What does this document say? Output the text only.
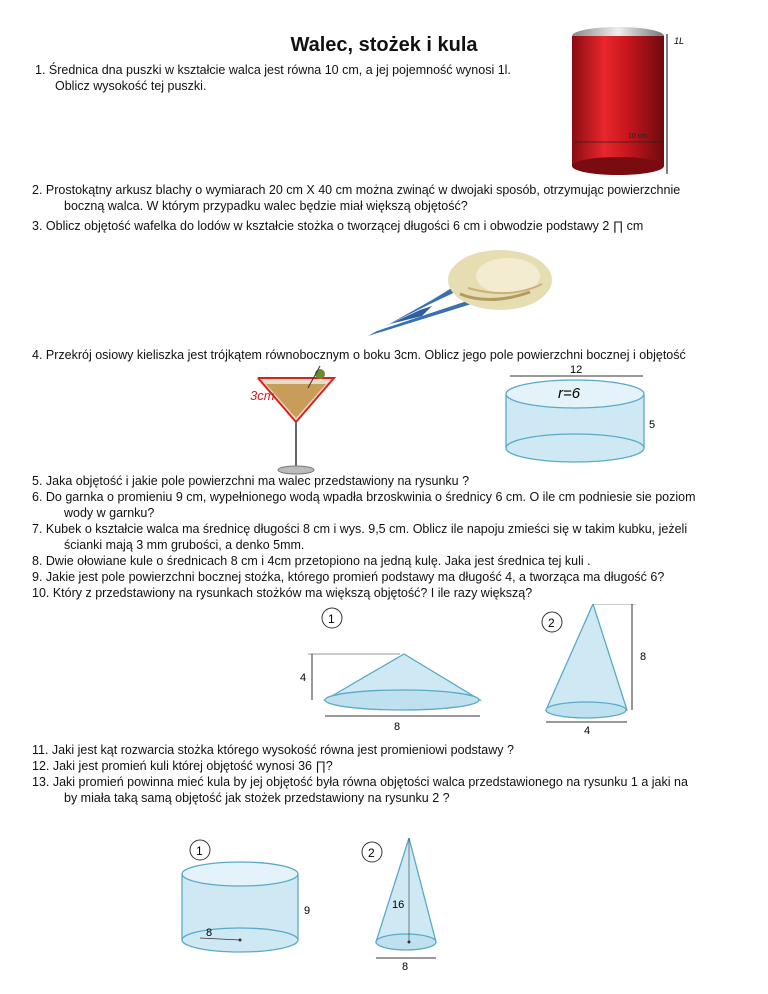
Walec, stożek i kula
1. Średnica dna puszki w kształcie walca jest równa 10 cm, a jej pojemność wynosi 1l.
Oblicz wysokość tej puszki.
1L
10 cm
2. Prostokątny arkusz blachy o wymiarach 20 cm X 40 cm można zwinąć w dwojaki sposób, otrzymując powierzchnie
boczną walca. W którym przypadku walec będzie miał większą objętość?
3. Oblicz objętość wafelka do lodów w kształcie stożka o tworzącej długości 6 cm i obwodzie podstawy 2 ∏ cm
4. Przekrój osiowy kieliszka jest trójkątem równobocznym o boku 3cm. Oblicz jego pole powierzchni bocznej i objętość
3cm
12
r=6
5
5. Jaka objętość i jakie pole powierzchni ma walec przedstawiony na rysunku ?
6. Do garnka o promieniu 9 cm, wypełnionego wodą wpadła brzoskwinia o średnicy 6 cm. O ile cm podniesie sie poziom
wody w garnku?
7. Kubek o kształcie walca ma średnicę długości 8 cm i wys. 9,5 cm. Oblicz ile napoju zmieści się w takim kubku, jeżeli
ścianki mają 3 mm grubości, a denko 5mm.
8. Dwie ołowiane kule o średnicach 8 cm i 4cm przetopiono na jedną kulę. Jaka jest średnica tej kuli .
9. Jakie jest pole powierzchni bocznej stożka, którego promień podstawy ma długość 4, a tworząca ma długość 6?
10. Który z przedstawiony na rysunkach stożków ma większą objętość? I ile razy większą?
1
4
8
2
8
4
11. Jaki jest kąt rozwarcia stożka którego wysokość równa jest promieniowi podstawy ?
12. Jaki jest promień kuli której objętość wynosi 36 ∏?
13. Jaki promień powinna mieć kula by jej objętość była równa objętości walca przedstawionego na rysunku 1 a jaki na
by miała taką samą objętość jak stożek przedstawiony na rysunku 2 ?
1
8
9
2
16
8
